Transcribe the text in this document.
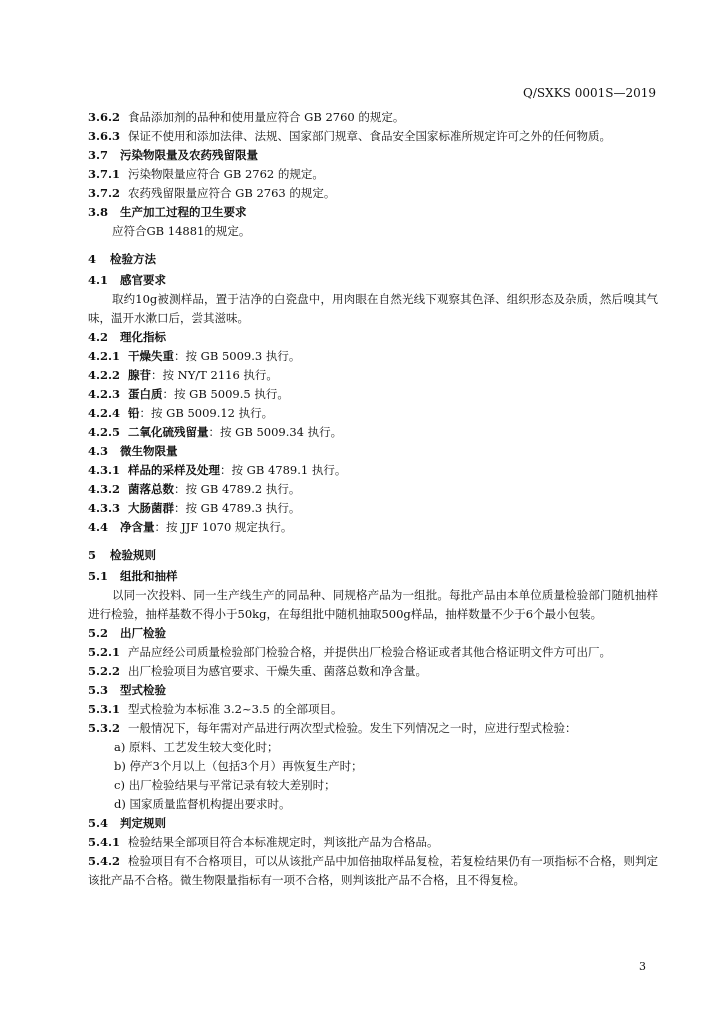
Q/SXKS 0001S—2019
3.6.2 食品添加剂的品种和使用量应符合 GB 2760 的规定。
3.6.3 保证不使用和添加法律、法规、国家部门规章、食品安全国家标准所规定许可之外的任何物质。
3.7 污染物限量及农药残留限量
3.7.1 污染物限量应符合 GB 2762 的规定。
3.7.2 农药残留限量应符合 GB 2763 的规定。
3.8 生产加工过程的卫生要求
应符合GB 14881的规定。
4 检验方法
4.1 感官要求
取约10g被测样品，置于洁净的白瓷盘中，用肉眼在自然光线下观察其色泽、组织形态及杂质，然后嗅其气味，温开水漱口后，尝其滋味。
4.2 理化指标
4.2.1 干燥失重：按 GB 5009.3 执行。
4.2.2 腺苷：按 NY/T 2116 执行。
4.2.3 蛋白质：按 GB 5009.5 执行。
4.2.4 铅：按 GB 5009.12 执行。
4.2.5 二氧化硫残留量：按 GB 5009.34 执行。
4.3 微生物限量
4.3.1 样品的采样及处理：按 GB 4789.1 执行。
4.3.2 菌落总数：按 GB 4789.2 执行。
4.3.3 大肠菌群：按 GB 4789.3 执行。
4.4 净含量：按 JJF 1070 规定执行。
5 检验规则
5.1 组批和抽样
以同一次投料、同一生产线生产的同品种、同规格产品为一组批。每批产品由本单位质量检验部门随机抽样进行检验，抽样基数不得小于50kg，在每组批中随机抽取500g样品，抽样数量不少于6个最小包装。
5.2 出厂检验
5.2.1 产品应经公司质量检验部门检验合格，并提供出厂检验合格证或者其他合格证明文件方可出厂。
5.2.2 出厂检验项目为感官要求、干燥失重、菌落总数和净含量。
5.3 型式检验
5.3.1 型式检验为本标准 3.2~3.5 的全部项目。
5.3.2 一般情况下，每年需对产品进行两次型式检验。发生下列情况之一时，应进行型式检验：
a) 原料、工艺发生较大变化时；
b) 停产3个月以上（包括3个月）再恢复生产时；
c) 出厂检验结果与平常记录有较大差别时；
d) 国家质量监督机构提出要求时。
5.4 判定规则
5.4.1 检验结果全部项目符合本标准规定时，判该批产品为合格品。
5.4.2 检验项目有不合格项目，可以从该批产品中加倍抽取样品复检，若复检结果仍有一项指标不合格，则判定该批产品不合格。微生物限量指标有一项不合格，则判该批产品不合格，且不得复检。
3
